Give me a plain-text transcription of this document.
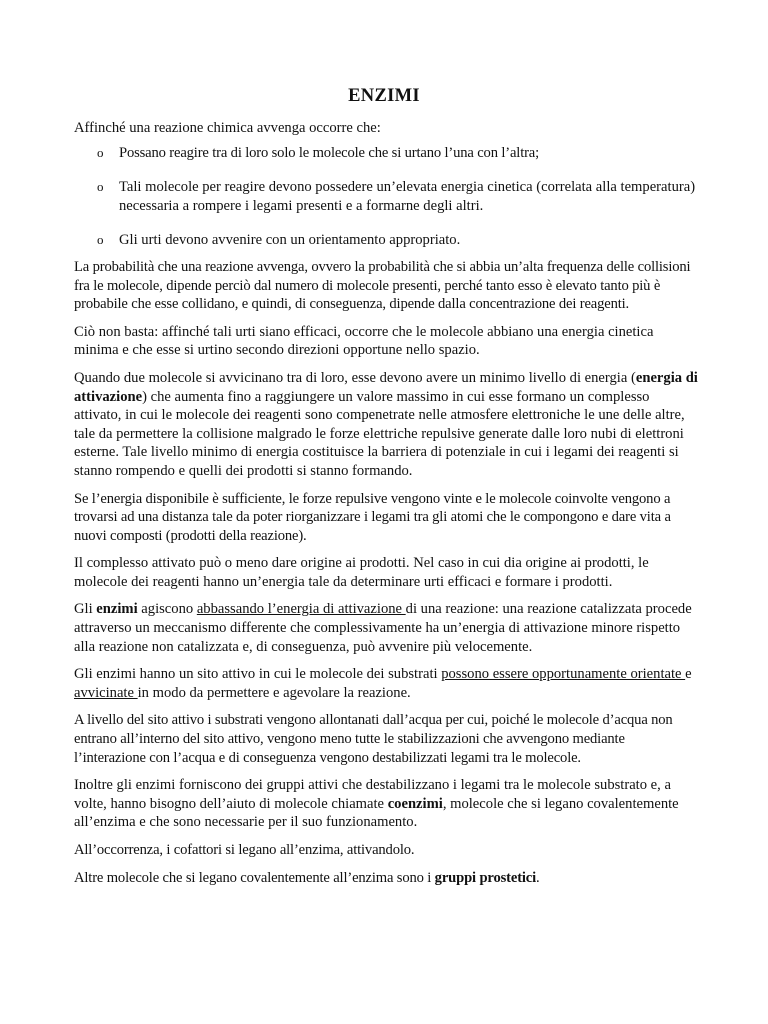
ENZIMI

Affinché una reazione chimica avvenga occorre che:

o Possano reagire tra di loro solo le molecole che si urtano l’una con l’altra;
o Tali molecole per reagire devono possedere un’elevata energia cinetica (correlata alla temperatura) necessaria a rompere i legami presenti e a formarne degli altri.
o Gli urti devono avvenire con un orientamento appropriato.

La probabilità che una reazione avvenga, ovvero la probabilità che si abbia un’alta frequenza delle collisioni fra le molecole, dipende perciò dal numero di molecole presenti, perché tanto esso è elevato tanto più è probabile che esse collidano, e quindi, di conseguenza, dipende dalla concentrazione dei reagenti.

Ciò non basta: affinché tali urti siano efficaci, occorre che le molecole abbiano una energia cinetica minima e che esse si urtino secondo direzioni opportune nello spazio.

Quando due molecole si avvicinano tra di loro, esse devono avere un minimo livello di energia (energia di attivazione) che aumenta fino a raggiungere un valore massimo in cui esse formano un complesso attivato, in cui le molecole dei reagenti sono compenetrate nelle atmosfere elettroniche le une delle altre, tale da permettere la collisione malgrado le forze elettriche repulsive generate dalle loro nubi di elettroni esterne. Tale livello minimo di energia costituisce la barriera di potenziale in cui i legami dei reagenti si stanno rompendo e quelli dei prodotti si stanno formando.

Se l’energia disponibile è sufficiente, le forze repulsive vengono vinte e le molecole coinvolte vengono a trovarsi ad una distanza tale da poter riorganizzare i legami tra gli atomi che le compongono e dare vita a nuovi composti (prodotti della reazione).

Il complesso attivato può o meno dare origine ai prodotti. Nel caso in cui dia origine ai prodotti, le molecole dei reagenti hanno un’energia tale da determinare urti efficaci e formare i prodotti.

Gli enzimi agiscono abbassando l’energia di attivazione di una reazione: una reazione catalizzata procede attraverso un meccanismo differente che complessivamente ha un’energia di attivazione minore rispetto alla reazione non catalizzata e, di conseguenza, può avvenire più velocemente.

Gli enzimi hanno un sito attivo in cui le molecole dei substrati possono essere opportunamente orientate e avvicinate in modo da permettere e agevolare la reazione.

A livello del sito attivo i substrati vengono allontanati dall’acqua per cui, poiché le molecole d’acqua non entrano all’interno del sito attivo, vengono meno tutte le stabilizzazioni che avvengono mediante l’interazione con l’acqua e di conseguenza vengono destabilizzati legami tra le molecole.

Inoltre gli enzimi forniscono dei gruppi attivi che destabilizzano i legami tra le molecole substrato e, a volte, hanno bisogno dell’aiuto di molecole chiamate coenzimi, molecole che si legano covalentemente all’enzima e che sono necessarie per il suo funzionamento.

All’occorrenza, i cofattori si legano all’enzima, attivandolo.

Altre molecole che si legano covalentemente all’enzima sono i gruppi prostetici.
